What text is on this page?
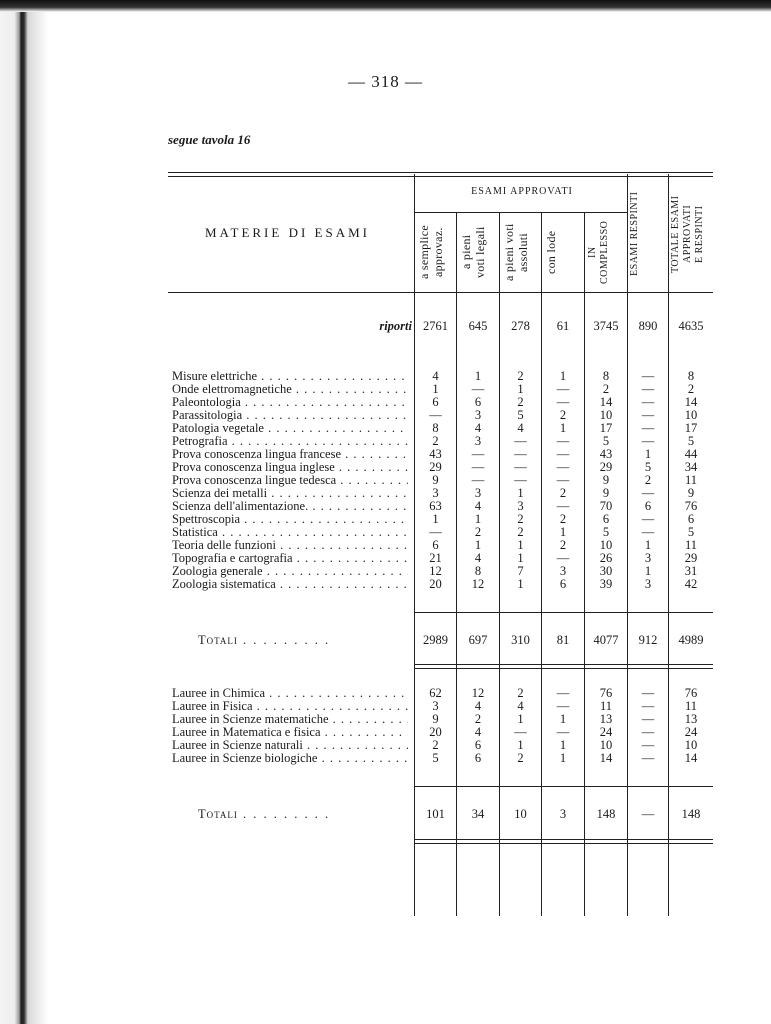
— 318 —
segue tavola 16
MATERIE DI ESAMI
ESAMI APPROVATI
a semplice
approvaz.	a pieni
voti legali
a pieni voti
assoluti	con lode	IN
COMPLESSO	ESAMI RESPINTI	TOTALE ESAMI
APPROVATI
E RESPINTI
riporti 2761	645	278	61	3745	890	4635
Misure elettriche . . .	4	1	2	1	8	—	8
Onde elettromagnetiche . . .	1	—	1	—	2	—	2
Paleontologia . . .	6	6	2	—	14	—	14
Parassitologia . . .	—	3	5	2	10	—	10
Patologia vegetale . . .	8	4	4	1	17	—	17
Petrografia . . .	2	3	—	—	5	—	5
Prova conoscenza lingua francese . . .	43	—	—	—	43	1	44
Prova conoscenza lingua inglese . . .	29	—	—	—	29	5	34
Prova conoscenza lingue tedesca . . .	9	—	—	—	9	2	11
Scienza dei metalli . . .	3	3	1	2	9	—	9
Scienza dell'alimentazione. . . .	63	4	3	—	70	6	76
Spettroscopia . . .	1	1	2	2	6	—	6
Statistica . . .	—	2	2	1	5	—	5
Teoria delle funzioni . . .	6	1	1	2	10	1	11
Topografia e cartografia . . .	21	4	1	—	26	3	29
Zoologia generale . . .	12	8	7	3	30	1	31
Zoologia sistematica . . .	20	12	1	6	39	3	42
Totali . . .	2989	697	310	81	4077	912	4989
Lauree in Chimica . . .	62	12	2	—	76	—	76
Lauree in Fisica . . .	3	4	4	—	11	—	11
Lauree in Scienze matematiche . . .	9	2	1	1	13	—	13
Lauree in Matematica e fisica . . .	20	4	—	—	24	—	24
Lauree in Scienze naturali . . .	2	6	1	1	10	—	10
Lauree in Scienze biologiche . . .	5	6	2	1	14	—	14
Totali . . .	101	34	10	3	148	—	148
